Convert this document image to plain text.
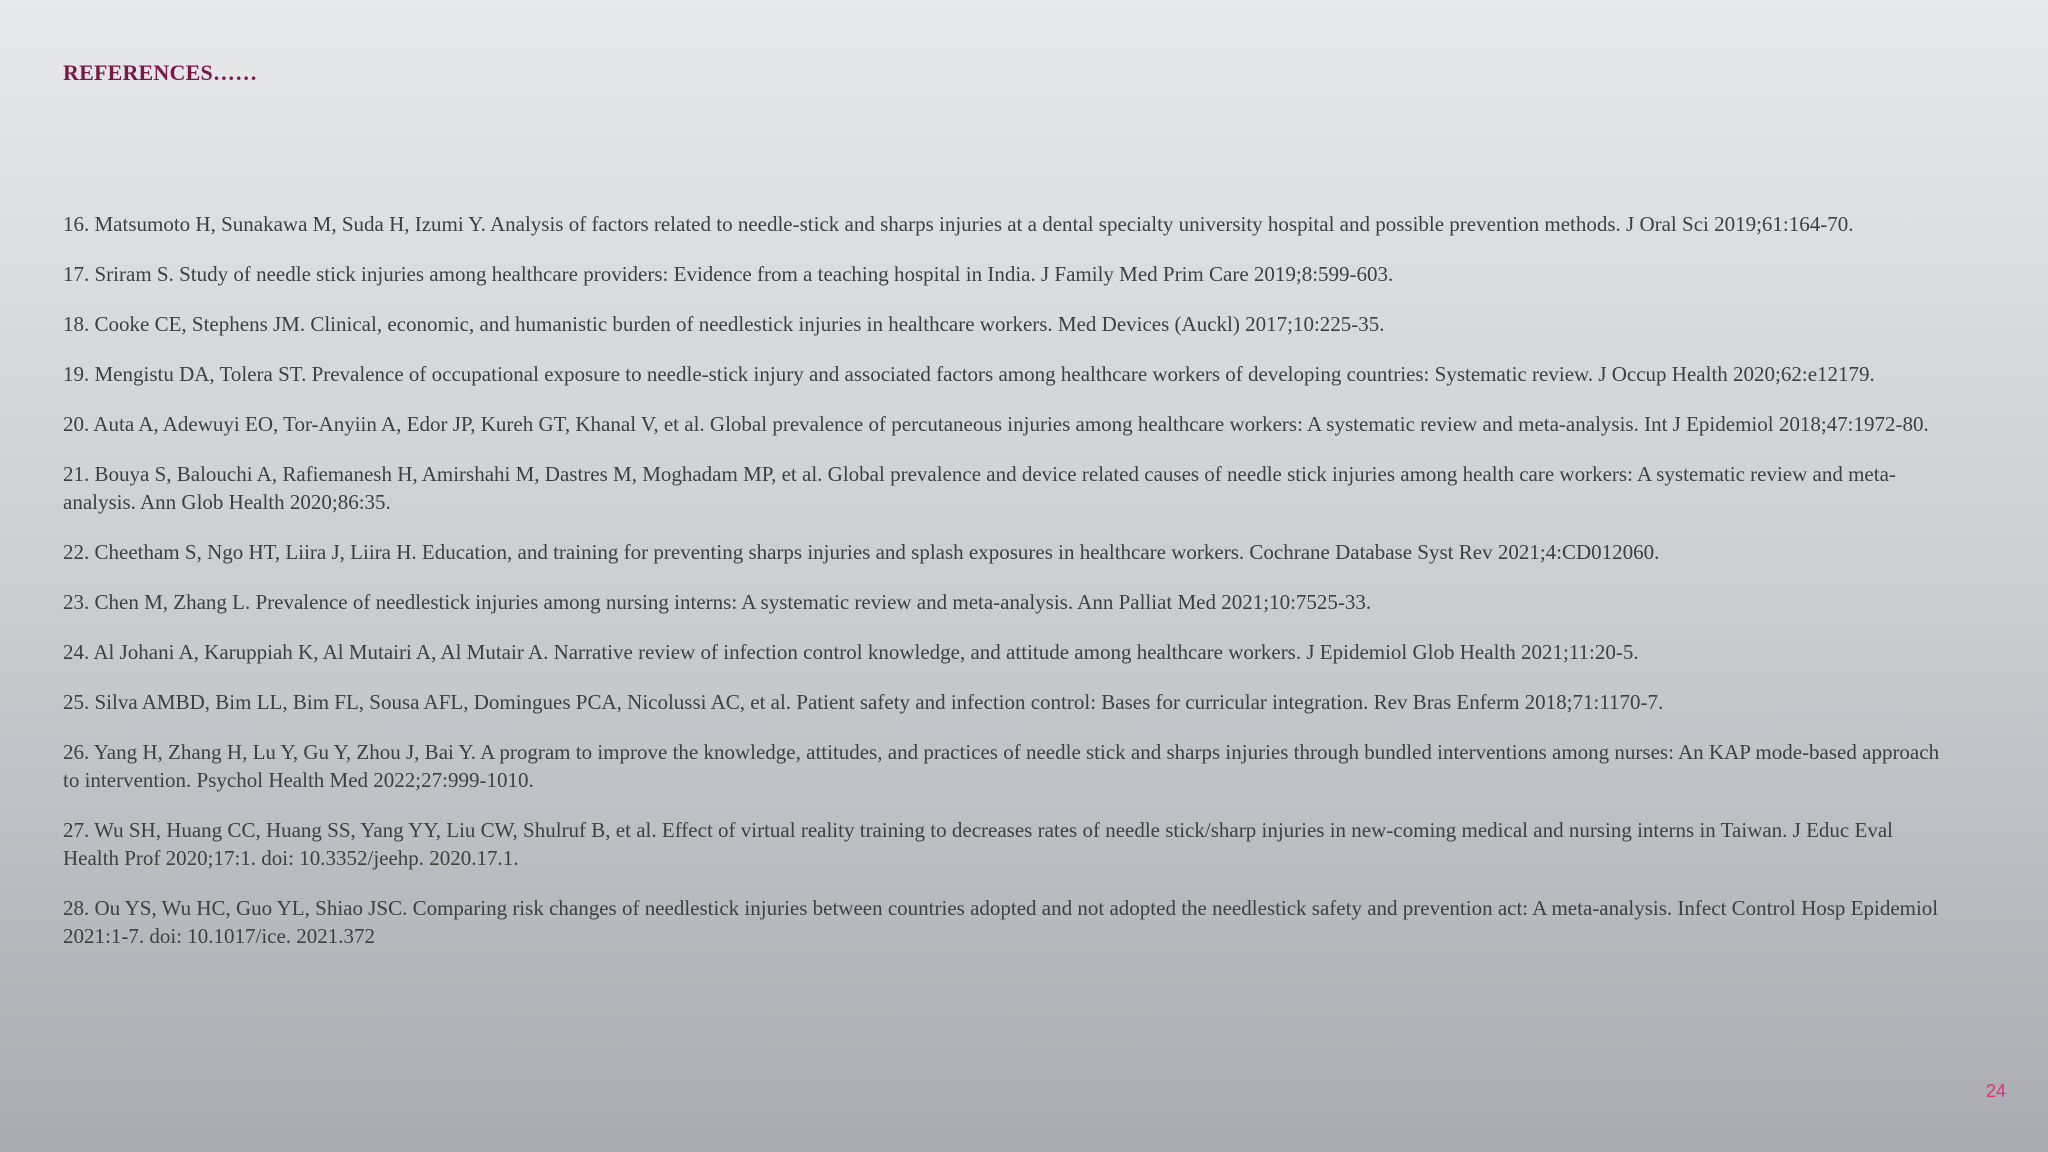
REFERENCES……
16. Matsumoto H, Sunakawa M, Suda H, Izumi Y. Analysis of factors related to needle-stick and sharps injuries at a dental specialty university hospital and possible prevention methods. J Oral Sci 2019;61:164-70.
17. Sriram S. Study of needle stick injuries among healthcare providers: Evidence from a teaching hospital in India. J Family Med Prim Care 2019;8:599-603.
18. Cooke CE, Stephens JM. Clinical, economic, and humanistic burden of needlestick injuries in healthcare workers. Med Devices (Auckl) 2017;10:225-35.
19. Mengistu DA, Tolera ST. Prevalence of occupational exposure to needle-stick injury and associated factors among healthcare workers of developing countries: Systematic review. J Occup Health 2020;62:e12179.
20. Auta A, Adewuyi EO, Tor-Anyiin A, Edor JP, Kureh GT, Khanal V, et al. Global prevalence of percutaneous injuries among healthcare workers: A systematic review and meta-analysis. Int J Epidemiol 2018;47:1972-80.
21. Bouya S, Balouchi A, Rafiemanesh H, Amirshahi M, Dastres M, Moghadam MP, et al. Global prevalence and device related causes of needle stick injuries among health care workers: A systematic review and meta-analysis. Ann Glob Health 2020;86:35.
22. Cheetham S, Ngo HT, Liira J, Liira H. Education, and training for preventing sharps injuries and splash exposures in healthcare workers. Cochrane Database Syst Rev 2021;4:CD012060.
23. Chen M, Zhang L. Prevalence of needlestick injuries among nursing interns: A systematic review and meta-analysis. Ann Palliat Med 2021;10:7525-33.
24. Al Johani A, Karuppiah K, Al Mutairi A, Al Mutair A. Narrative review of infection control knowledge, and attitude among healthcare workers. J Epidemiol Glob Health 2021;11:20-5.
25. Silva AMBD, Bim LL, Bim FL, Sousa AFL, Domingues PCA, Nicolussi AC, et al. Patient safety and infection control: Bases for curricular integration. Rev Bras Enferm 2018;71:1170-7.
26. Yang H, Zhang H, Lu Y, Gu Y, Zhou J, Bai Y. A program to improve the knowledge, attitudes, and practices of needle stick and sharps injuries through bundled interventions among nurses: An KAP mode-based approach to intervention. Psychol Health Med 2022;27:999-1010.
27. Wu SH, Huang CC, Huang SS, Yang YY, Liu CW, Shulruf B, et al. Effect of virtual reality training to decreases rates of needle stick/sharp injuries in new-coming medical and nursing interns in Taiwan. J Educ Eval Health Prof 2020;17:1. doi: 10.3352/jeehp. 2020.17.1.
28. Ou YS, Wu HC, Guo YL, Shiao JSC. Comparing risk changes of needlestick injuries between countries adopted and not adopted the needlestick safety and prevention act: A meta-analysis. Infect Control Hosp Epidemiol 2021:1-7. doi: 10.1017/ice. 2021.372
24
